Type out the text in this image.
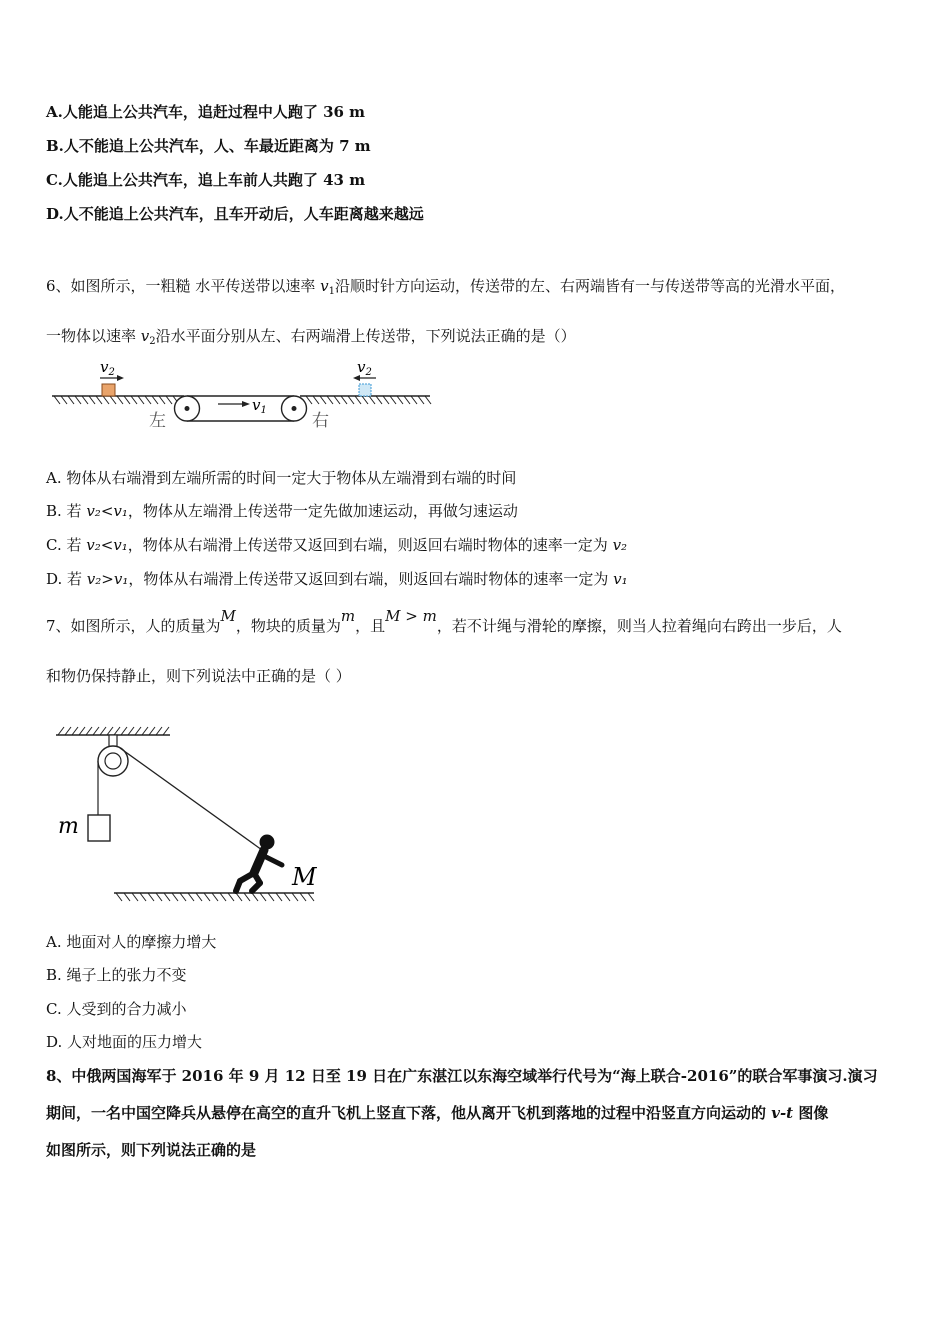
A.人能追上公共汽车，追赶过程中人跑了 36 m
B.人不能追上公共汽车，人、车最近距离为 7 m
C.人能追上公共汽车，追上车前人共跑了 43 m
D.人不能追上公共汽车，且车开动后，人车距离越来越远
6、如图所示，一粗糙 水平传送带以速率 $v_1$沿顺时针方向运动，传送带的左、右两端皆有一与传送带等高的光滑水平面，
一物体以速率 $v_2$沿水平面分别从左、右两端滑上传送带，下列说法正确的是（）
$v_1$
$v_2$	$v_2$
左	右
A. 物体从右端滑到左端所需的时间一定大于物体从左端滑到右端的时间
B. 若 v₂<v₁，物体从左端滑上传送带一定先做加速运动，再做匀速运动
C. 若 v₂<v₁，物体从右端滑上传送带又返回到右端，则返回右端时物体的速率一定为 v₂
D. 若 v₂>v₁，物体从右端滑上传送带又返回到右端，则返回右端时物体的速率一定为 v₁
7、如图所示，人的质量为M，物块的质量为m，且M > m，若不计绳与滑轮的摩擦，则当人拉着绳向右跨出一步后，人
和物仍保持静止，则下列说法中正确的是（ ）
m
M
A. 地面对人的摩擦力增大
B. 绳子上的张力不变
C. 人受到的合力减小
D. 人对地面的压力增大
8、中俄两国海军于 2016 年 9 月 12 日至 19 日在广东湛江以东海空域举行代号为“海上联合-2016”的联合军事演习.演习
期间，一名中国空降兵从悬停在高空的直升飞机上竖直下落，他从离开飞机到落地的过程中沿竖直方向运动的 v-t 图像
如图所示，则下列说法正确的是
